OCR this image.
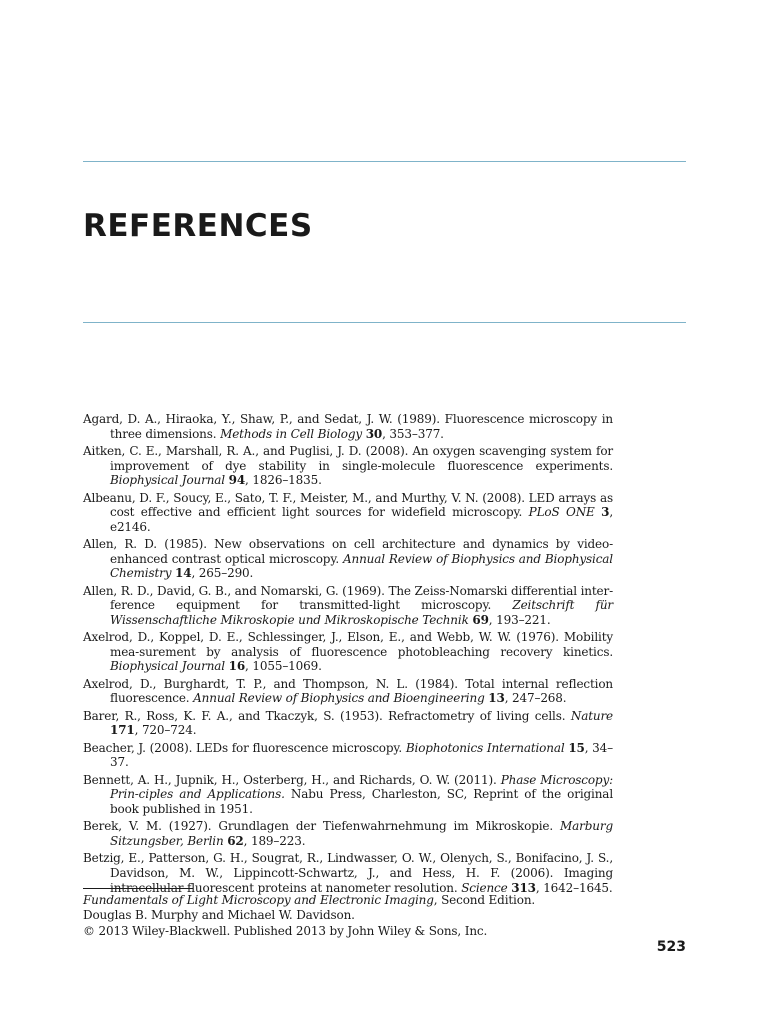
REFERENCES
Agard, D. A., Hiraoka, Y., Shaw, P., and Sedat, J. W. (1989). Fluorescence microscopy in three dimensions. Methods in Cell Biology 30, 353–377.
Aitken, C. E., Marshall, R. A., and Puglisi, J. D. (2008). An oxygen scavenging system for improvement of dye stability in single-molecule fluorescence experiments. Biophysical Journal 94, 1826–1835.
Albeanu, D. F., Soucy, E., Sato, T. F., Meister, M., and Murthy, V. N. (2008). LED arrays as cost effective and efficient light sources for widefield microscopy. PLoS ONE 3, e2146.
Allen, R. D. (1985). New observations on cell architecture and dynamics by video-enhanced contrast optical microscopy. Annual Review of Biophysics and Biophysical Chemistry 14, 265–290.
Allen, R. D., David, G. B., and Nomarski, G. (1969). The Zeiss-Nomarski differential inter-ference equipment for transmitted-light microscopy. Zeitschrift für Wissenschaftliche Mikroskopie und Mikroskopische Technik 69, 193–221.
Axelrod, D., Koppel, D. E., Schlessinger, J., Elson, E., and Webb, W. W. (1976). Mobility mea-surement by analysis of fluorescence photobleaching recovery kinetics. Biophysical Journal 16, 1055–1069.
Axelrod, D., Burghardt, T. P., and Thompson, N. L. (1984). Total internal reflection fluorescence. Annual Review of Biophysics and Bioengineering 13, 247–268.
Barer, R., Ross, K. F. A., and Tkaczyk, S. (1953). Refractometry of living cells. Nature 171, 720–724.
Beacher, J. (2008). LEDs for fluorescence microscopy. Biophotonics International 15, 34–37.
Bennett, A. H., Jupnik, H., Osterberg, H., and Richards, O. W. (2011). Phase Microscopy: Prin-ciples and Applications. Nabu Press, Charleston, SC, Reprint of the original book published in 1951.
Berek, V. M. (1927). Grundlagen der Tiefenwahrnehmung im Mikroskopie. Marburg Sitzungsber, Berlin 62, 189–223.
Betzig, E., Patterson, G. H., Sougrat, R., Lindwasser, O. W., Olenych, S., Bonifacino, J. S., Davidson, M. W., Lippincott-Schwartz, J., and Hess, H. F. (2006). Imaging intracellular fluorescent proteins at nanometer resolution. Science 313, 1642–1645.
Fundamentals of Light Microscopy and Electronic Imaging, Second Edition.
Douglas B. Murphy and Michael W. Davidson.
© 2013 Wiley-Blackwell. Published 2013 by John Wiley & Sons, Inc.
523
